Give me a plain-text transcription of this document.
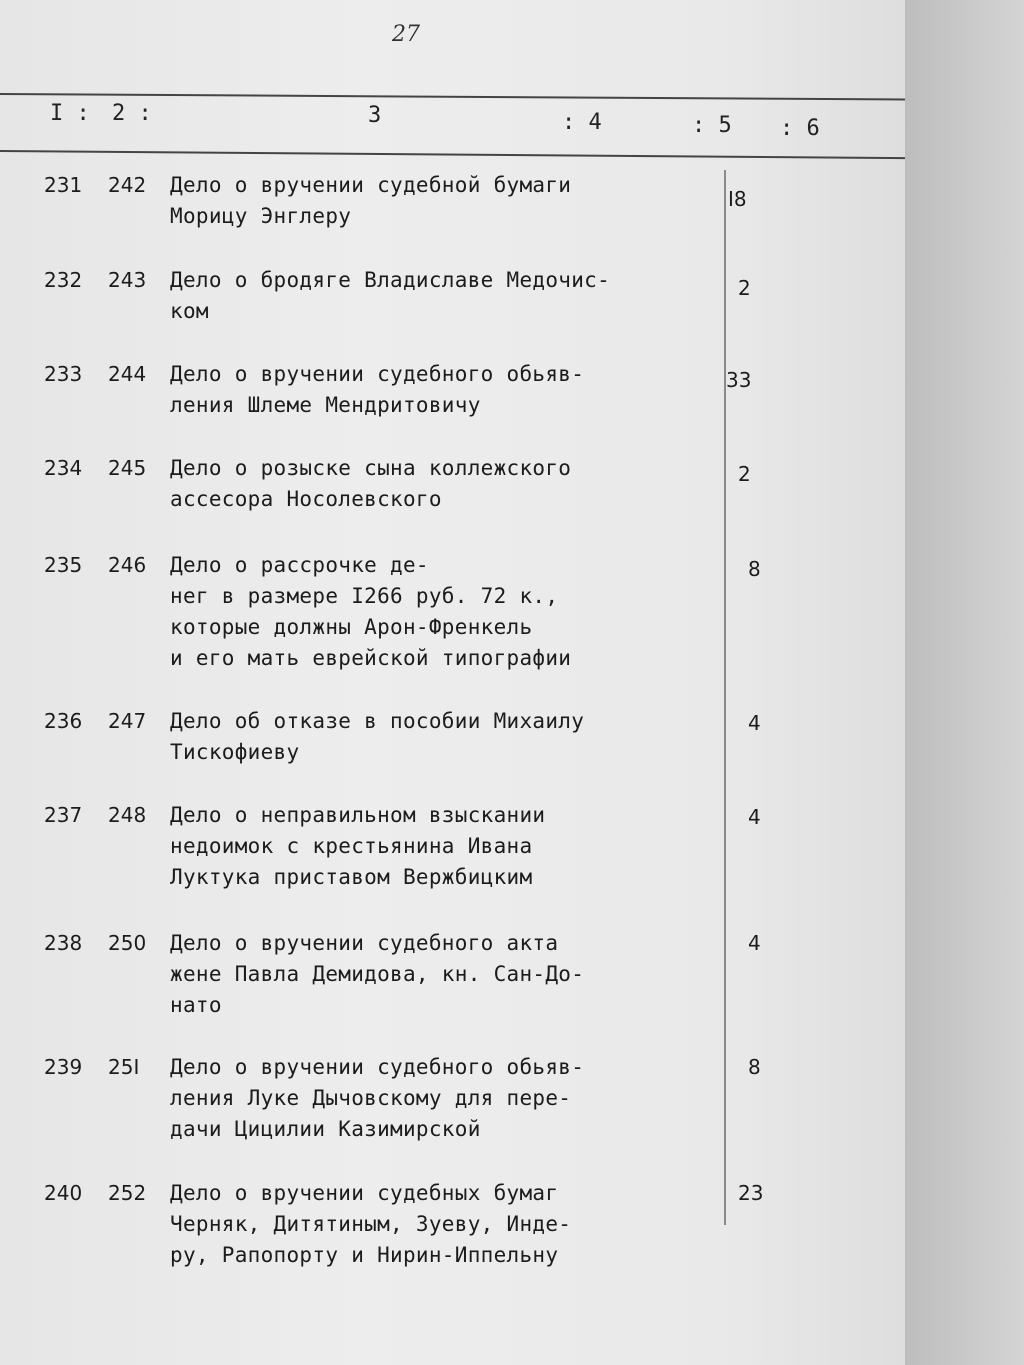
27
I : 2 :	3	: 4	: 5 : 6
231 242 Дело о вручении судебной бумаги
Морицу Энглеру
I8
232 243 Дело о бродяге Владиславе Медочис-
ком
2
233 244 Дело о вручении судебного обьяв-
ления Шлеме Мендритовичу
33
234 245 Дело о розыске сына коллежского
ассесора Носолевского
2
235 246 Дело о рассрочке де-
нег в размере I266 руб. 72 к.,
которые должны Арон-Френкель
и его мать еврейской типографии
8
236 247 Дело об отказе в пособии Михаилу
Тискофиеву
4
237 248 Дело о неправильном взыскании
недоимок с крестьянина Ивана
Луктука приставом Вержбицким
4
238 250 Дело о вручении судебного акта
жене Павла Демидова, кн. Сан-До-
нато
4
239 25I Дело о вручении судебного обьяв-
ления Луке Дычовскому для пере-
дачи Цицилии Казимирской
8
240 252 Дело о вручении судебных бумаг
Черняк, Дитятиным, Зуеву, Инде-
ру, Рапопорту и Нирин-Иппельну
23
